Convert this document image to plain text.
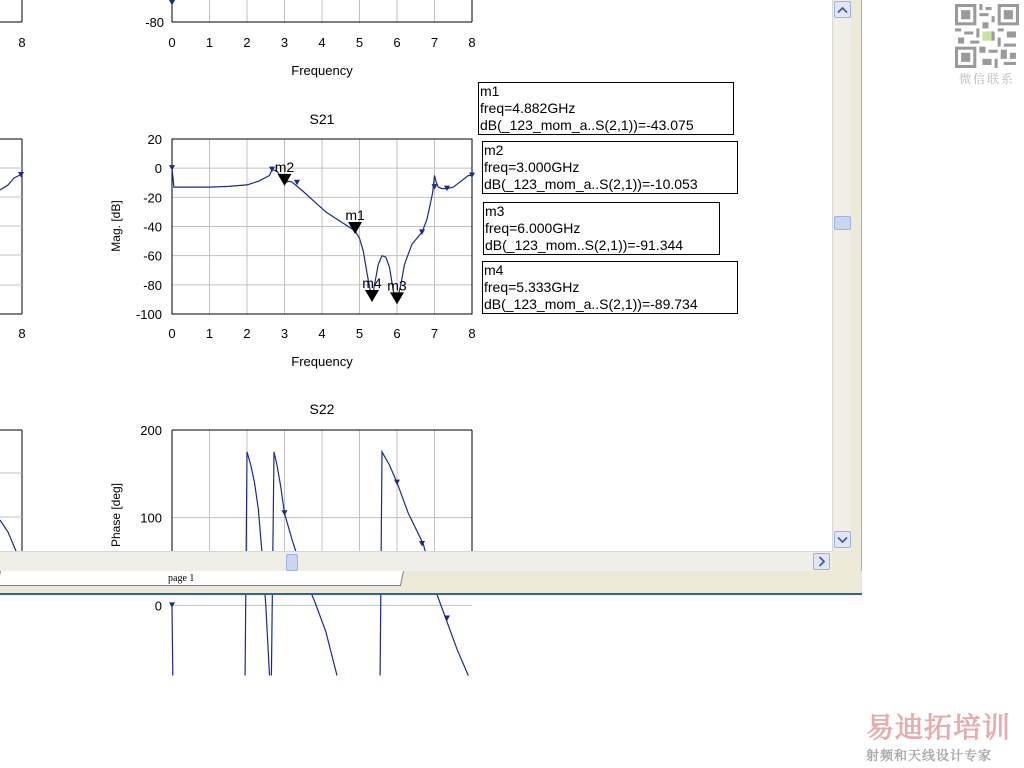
0 1 2 3 4 5 6 7 8
-80
Frequency
8
S21
0 1 2 3 4 5 6 7 8
20
0
-20
-40
-60
-80
-100
Mag. [dB]
Frequency
m1
m2
m3
m4
8
S22
200
100
0
Phase [deg]
m1
freq=4.882GHz
dB(_123_mom_a..S(2,1))=-43.075
m2
freq=3.000GHz
dB(_123_mom_a..S(2,1))=-10.053
m3
freq=6.000GHz
dB(_123_mom..S(2,1))=-91.344
m4
freq=5.333GHz
dB(_123_mom_a..S(2,1))=-89.734
page 1
微信联系
易迪拓培训
射频和天线设计专家
